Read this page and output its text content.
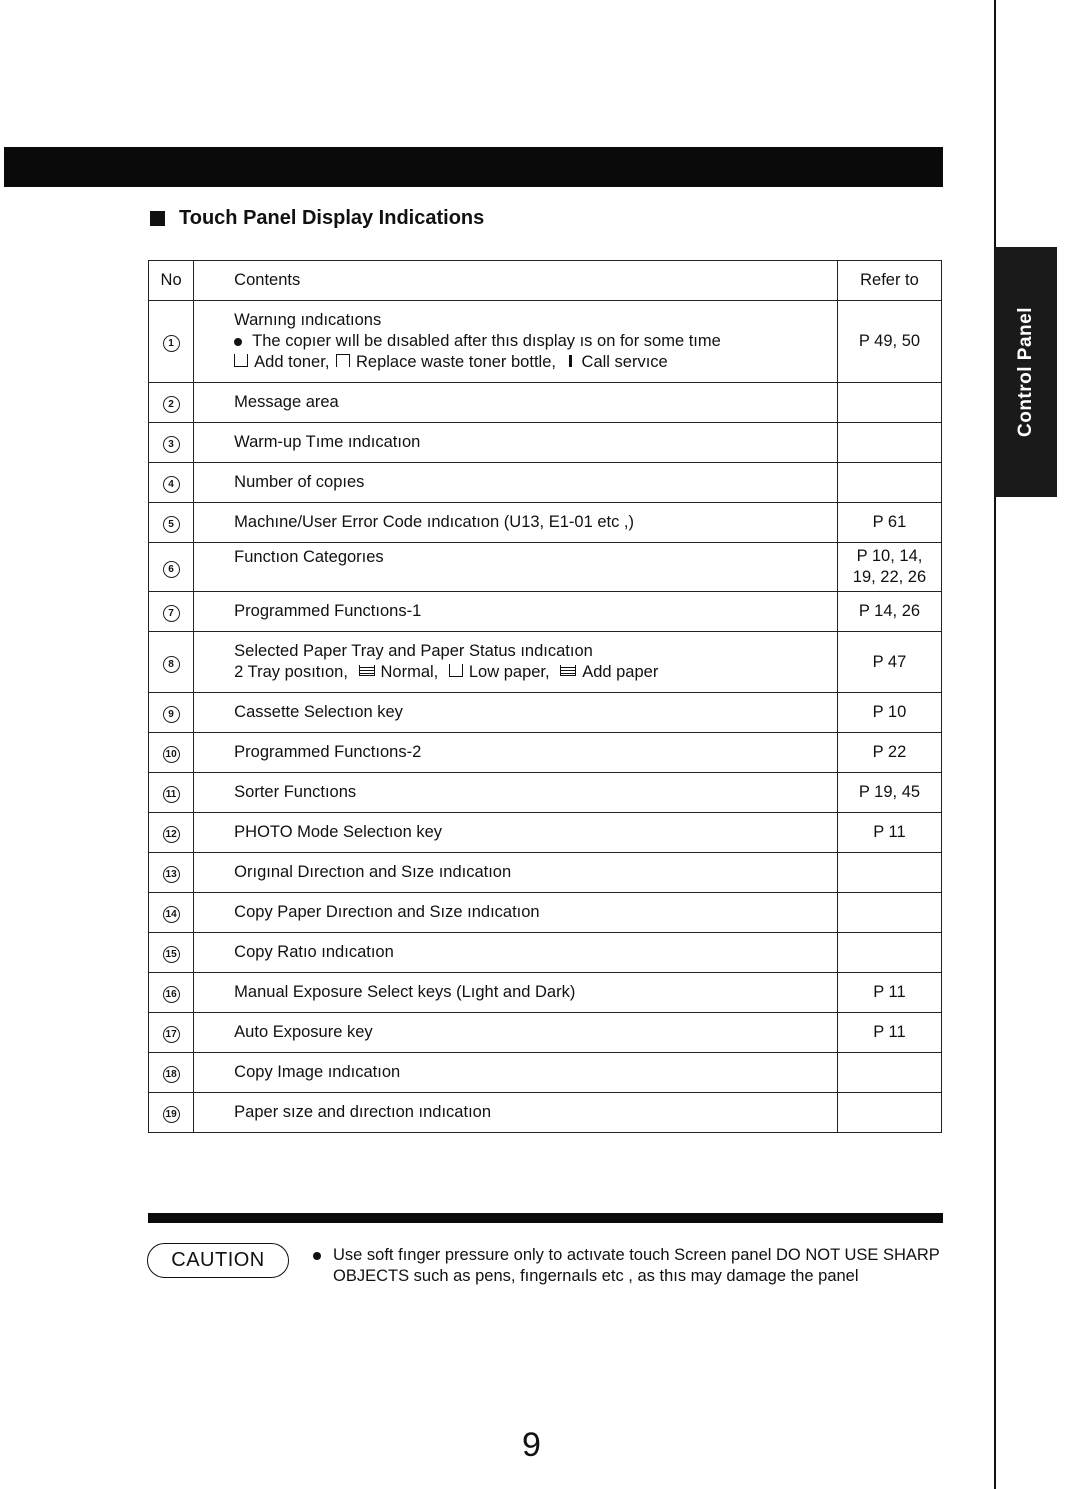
Control Panel
Touch Panel Display Indications
No	Contents	Refer to
1	Warnıng ındıcatıons
The copıer wıll be dısabled after thıs dısplay ıs on for some tıme
Add toner, Replace waste toner bottle, Call servıce	P 49, 50
2	Message area	
3	Warm-up Tıme ındıcatıon	
4	Number of copıes	
5	Machıne/User Error Code ındıcatıon (U13, E1-01 etc ,)	P 61
6	Functıon Categorıes	P 10, 14,
19, 22, 26

7	Programmed Functıons-1	P 14, 26
8	Selected Paper Tray and Paper Status ındıcatıon
2 Tray posıtıon, Normal, Low paper, Add paper	P 47
9	Cassette Selectıon key	P 10
10	Programmed Functıons-2	P 22
11	Sorter Functıons	P 19, 45
12	PHOTO Mode Selectıon key	P 11
13	Orıgınal Dırectıon and Sıze ındıcatıon	
14	Copy Paper Dırectıon and Sıze ındıcatıon	
15	Copy Ratıo ındıcatıon	
16	Manual Exposure Select keys (Lıght and Dark)	P 11
17	Auto Exposure key	P 11
18	Copy Image ındıcatıon	
19	Paper sıze and dırectıon ındıcatıon	
CAUTION	Use soft fınger pressure only to actıvate touch Screen panel DO NOT USE SHARP OBJECTS such as pens, fıngernaıls etc , as thıs may damage the panel
9
